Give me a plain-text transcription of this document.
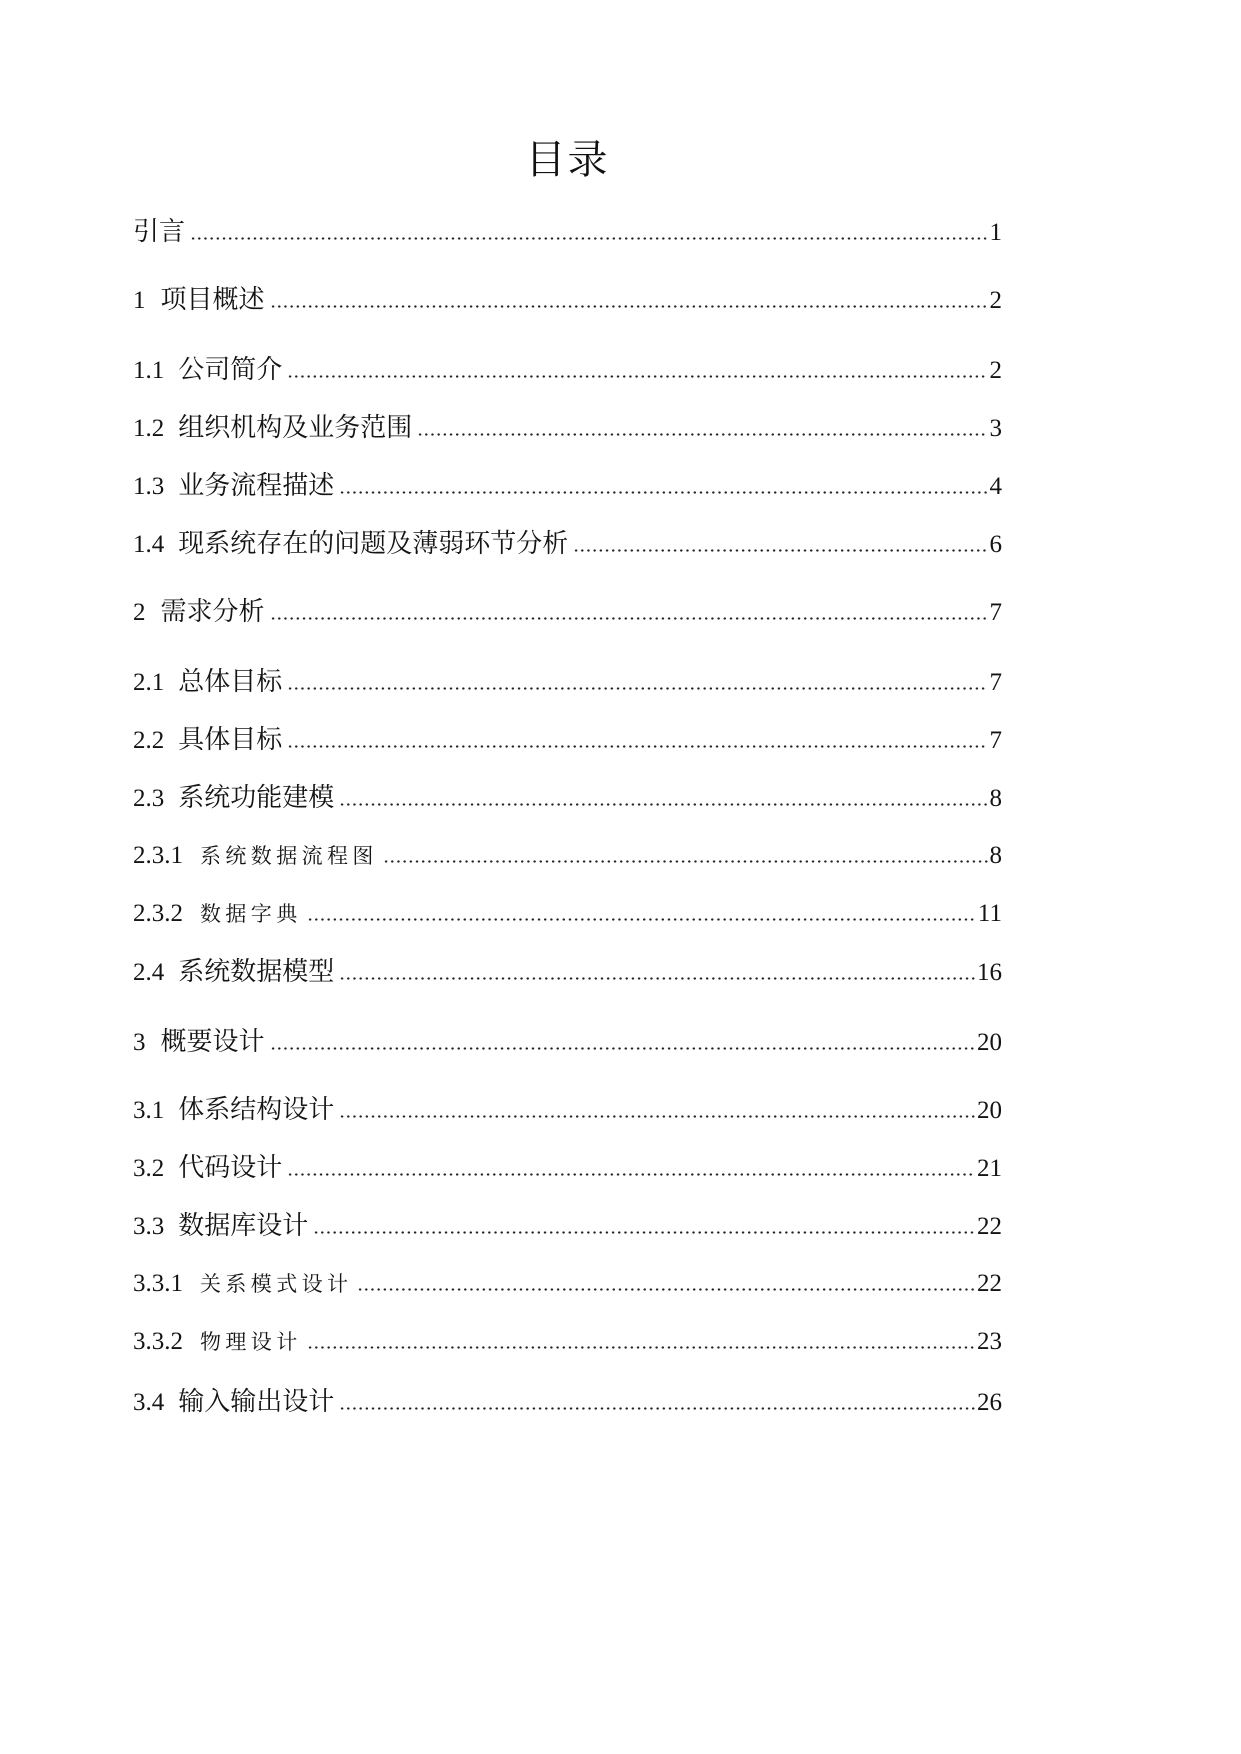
目录
引言	1
1 项目概述	2
1.1 公司简介	2
1.2 组织机构及业务范围	3
1.3 业务流程描述	4
1.4 现系统存在的问题及薄弱环节分析	6
2 需求分析	7
2.1 总体目标	7
2.2 具体目标	7
2.3 系统功能建模	8
2.3.1 系统数据流程图	8
2.3.2 数据字典	11
2.4 系统数据模型	16
3 概要设计	20
3.1 体系结构设计	20
3.2 代码设计	21
3.3 数据库设计	22
3.3.1 关系模式设计	22
3.3.2 物理设计	23
3.4 输入输出设计	26
